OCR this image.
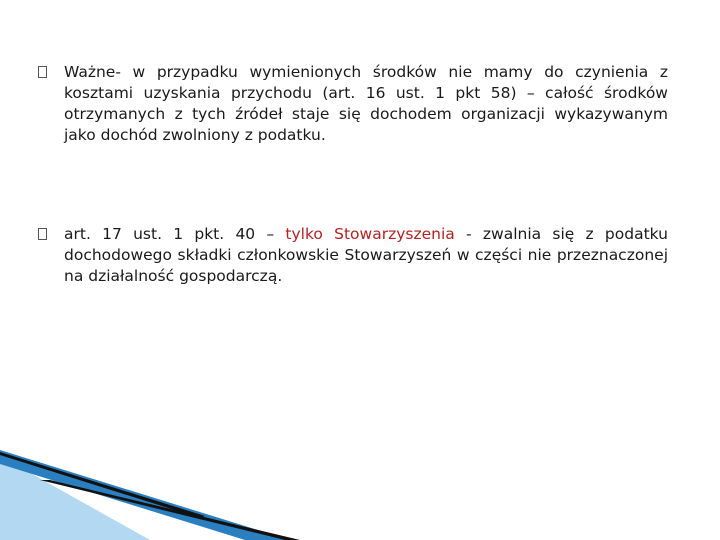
Ważne- w przypadku wymienionych środków nie mamy do czynienia z kosztami uzyskania przychodu (art. 16 ust. 1 pkt 58) – całość środków otrzymanych z tych źródeł staje się dochodem organizacji wykazywanym jako dochód zwolniony z podatku.
art. 17 ust. 1 pkt. 40 – tylko Stowarzyszenia - zwalnia się z podatku dochodowego składki członkowskie Stowarzyszeń w części nie przeznaczonej na działalność gospodarczą.
